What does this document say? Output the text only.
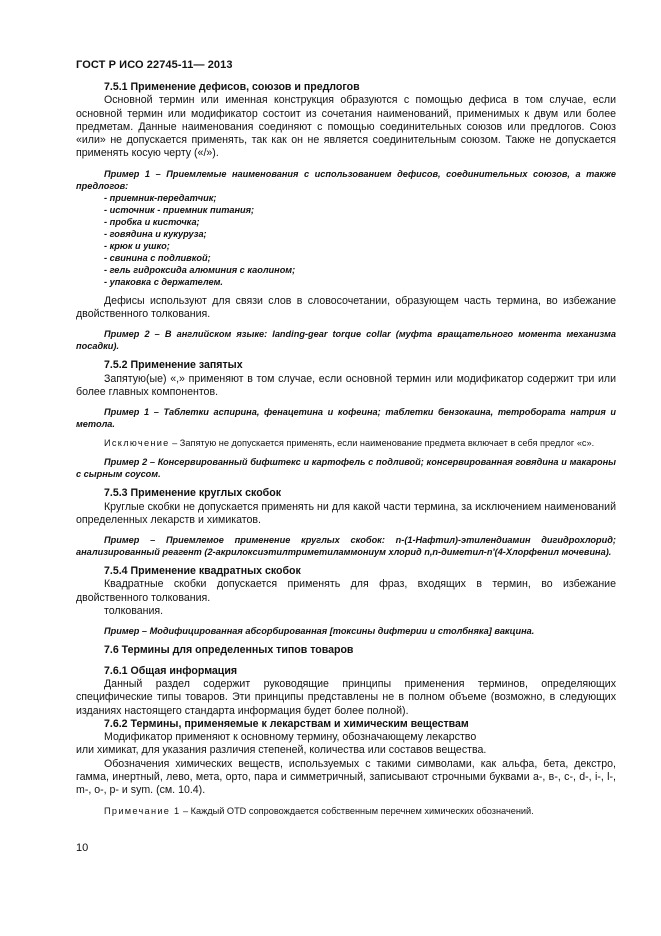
ГОСТ Р ИСО 22745-11— 2013

7.5.1 Применение дефисов, союзов и предлогов

Основной термин или именная конструкция образуются с помощью дефиса в том случае, если основной термин или модификатор состоит из сочетания наименований, применимых к двум или более предметам. Данные наименования соединяют с помощью соединительных союзов или предлогов. Союз «или» не допускается применять, так как он не является соединительным союзом. Также не допускается применять косую черту («/»).

Пример 1 – Приемлемые наименования с использованием дефисов, соединительных союзов, а также предлогов:

- приемник-передатчик;
- источник - приемник питания;
- пробка и кисточка;
- говядина и кукуруза;
- крюк и ушко;
- свинина с подливкой;
- гель гидроксида алюминия с каолином;
- упаковка с держателем.

Дефисы используют для связи слов в словосочетании, образующем часть термина, во избежание двойственного толкования.

Пример 2 – В английском языке: landing-gear torque collar (муфта вращательного момента механизма посадки).

7.5.2 Применение запятых

Запятую(ые) «,» применяют в том случае, если основной термин или модификатор содержит три или более главных компонентов.

Пример 1 – Таблетки аспирина, фенацетина и кофеина; таблетки бензокаина, тетробората натрия и метола.

Исключение – Запятую не допускается применять, если наименование предмета включает в себя предлог «с».

Пример 2 – Консервированный бифштекс и картофель с подливой; консервированная говядина и макароны с сырным соусом.

7.5.3 Применение круглых скобок

Круглые скобки не допускается применять ни для какой части термина, за исключением наименований определенных лекарств и химикатов.

Пример – Приемлемое применение круглых скобок: n-(1-Нафтил)-этилендиамин дигидрохлорид; анализированный реагент (2-акрилоксиэтилтриметиламмониум хлорид n,n-диметил-n'(4-Хлорфенил мочевина).

7.5.4 Применение квадратных скобок

Квадратные скобки допускается применять для фраз, входящих в термин, во избежание двойственного толкования.

толкования.

Пример – Модифицированная абсорбированная [токсины дифтерии и столбняка] вакцина.

7.6 Термины для определенных типов товаров

7.6.1 Общая информация

Данный раздел содержит руководящие принципы применения терминов, определяющих специфические типы товаров. Эти принципы представлены не в полном объеме (возможно, в следующих изданиях настоящего стандарта информация будет более полной).

7.6.2 Термины, применяемые к лекарствам и химическим веществам

Модификатор применяют к основному термину, обозначающему лекарство

или химикат, для указания различия степеней, количества или составов вещества.

Обозначения химических веществ, используемых с такими символами, как альфа, бета, декстро, гамма, инертный, лево, мета, орто, пара и симметричный, записывают строчными буквами а-, в-, с-, d-, i-, l-, m-, о-, р- и sym. (см. 10.4).

Примечание 1 – Каждый OTD сопровождается собственным перечнем химических обозначений.

10
